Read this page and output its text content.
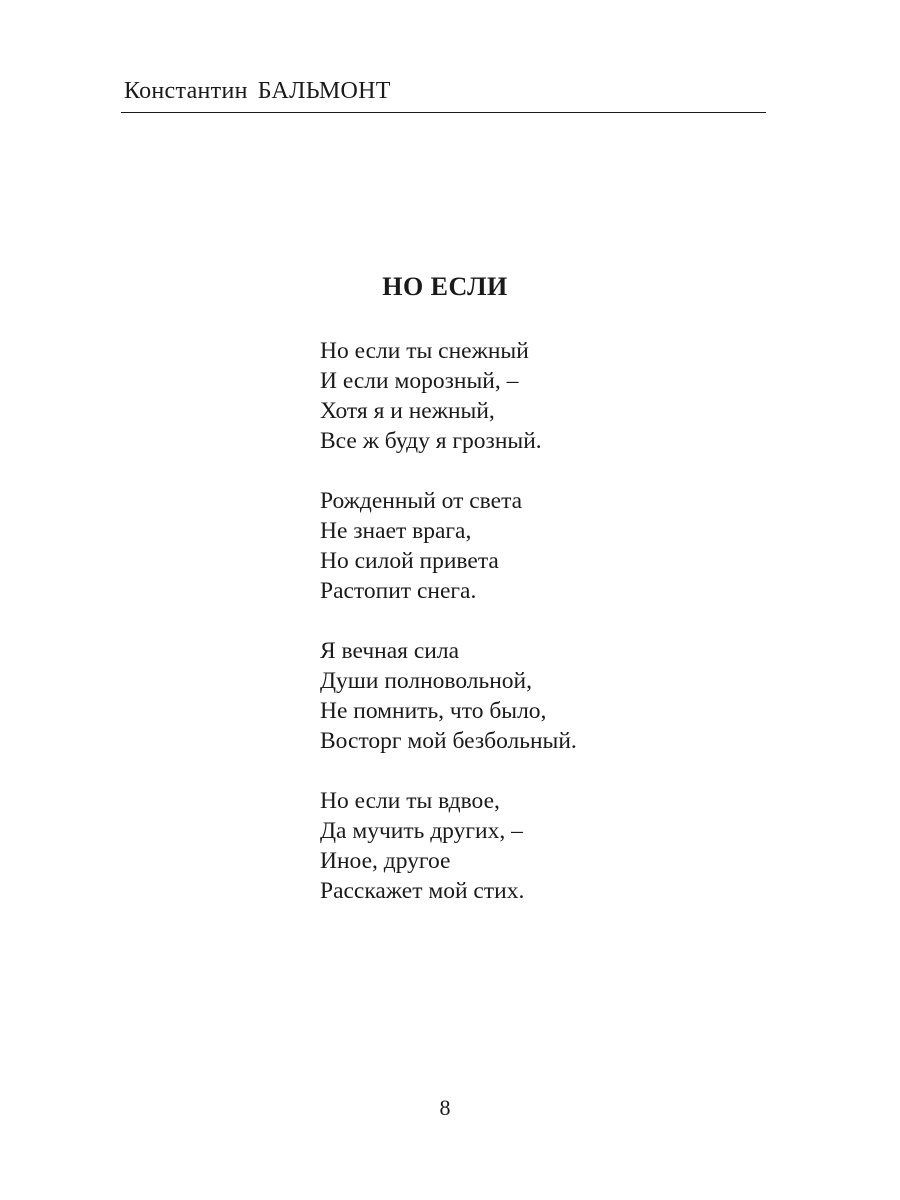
Константин БАЛЬМОНТ
НО ЕСЛИ
Но если ты снежный
И если морозный, –
Хотя я и нежный,
Все ж буду я грозный.
Рожденный от света
Не знает врага,
Но силой привета
Растопит снега.
Я вечная сила
Души полновольной,
Не помнить, что было,
Восторг мой безбольный.
Но если ты вдвое,
Да мучить других, –
Иное, другое
Расскажет мой стих.
8
